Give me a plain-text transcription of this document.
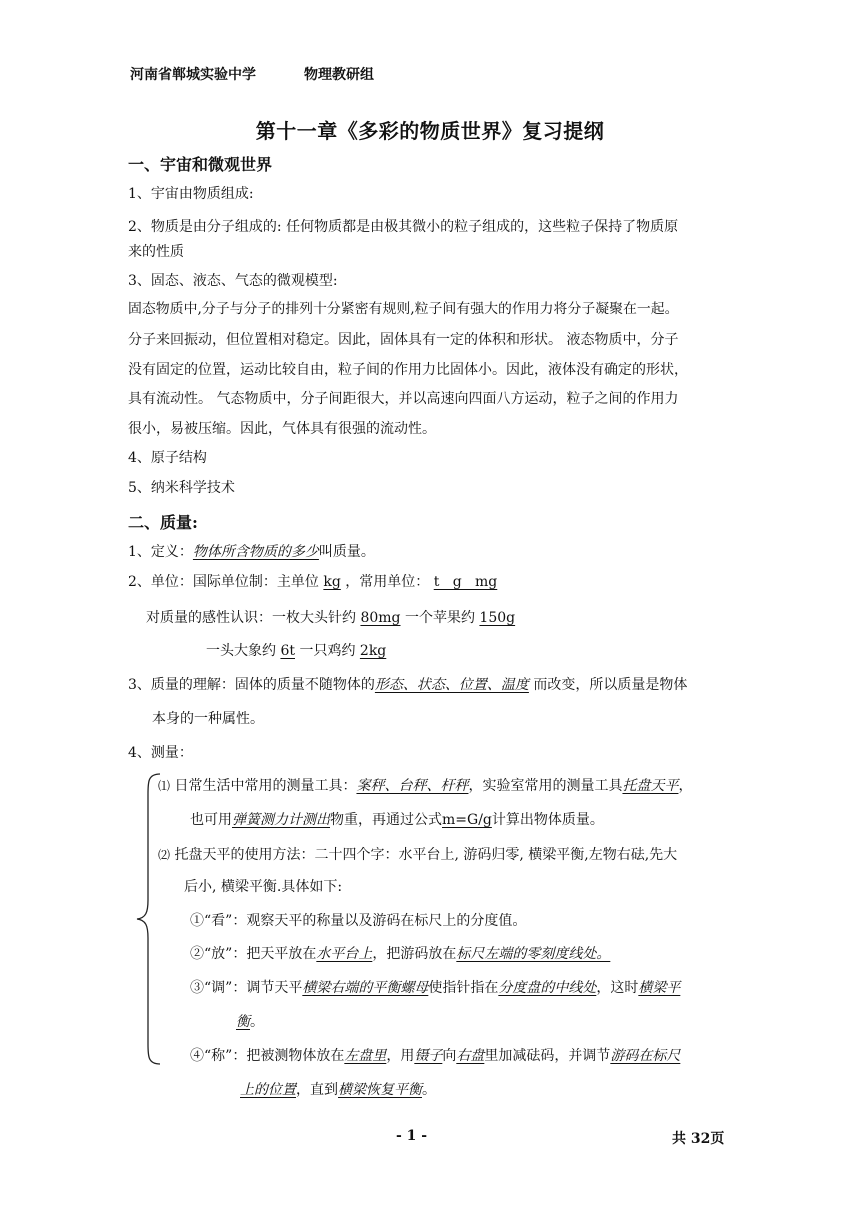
河南省郸城实验中学	物理教研组
第十一章《多彩的物质世界》复习提纲
一、宇宙和微观世界
1、宇宙由物质组成:
2、物质是由分子组成的: 任何物质都是由极其微小的粒子组成的，这些粒子保持了物质原
来的性质
3、固态、液态、气态的微观模型:
固态物质中,分子与分子的排列十分紧密有规则,粒子间有强大的作用力将分子凝聚在一起。
分子来回振动，但位置相对稳定。因此，固体具有一定的体积和形状。 液态物质中，分子
没有固定的位置，运动比较自由，粒子间的作用力比固体小。因此，液体没有确定的形状，
具有流动性。 气态物质中，分子间距很大，并以高速向四面八方运动，粒子之间的作用力
很小，易被压缩。因此，气体具有很强的流动性。
4、原子结构
5、纳米科学技术
二、质量:
1、定义：物体所含物质的多少叫质量。
2、单位：国际单位制：主单位 kg ，常用单位： t   g   mg
对质量的感性认识：一枚大头针约 80mg 一个苹果约 150g
一头大象约 6t 一只鸡约 2kg
3、质量的理解：固体的质量不随物体的形态、状态、位置、温度 而改变，所以质量是物体
本身的一种属性。
4、测量：
⑴ 日常生活中常用的测量工具：案秤、台秤、杆秤，实验室常用的测量工具托盘天平，
也可用弹簧测力计测出物重，再通过公式m=G/g计算出物体质量。
⑵ 托盘天平的使用方法：二十四个字：水平台上, 游码归零, 横梁平衡,左物右砝,先大
后小, 横梁平衡.具体如下:
①“看”：观察天平的称量以及游码在标尺上的分度值。
②“放”：把天平放在水平台上，把游码放在标尺左端的零刻度线处。
③“调”：调节天平横梁右端的平衡螺母使指针指在分度盘的中线处，这时横梁平
衡。
④“称”：把被测物体放在左盘里，用镊子向右盘里加减砝码，并调节游码在标尺
上的位置，直到横梁恢复平衡。
- 1 -	共 32页
